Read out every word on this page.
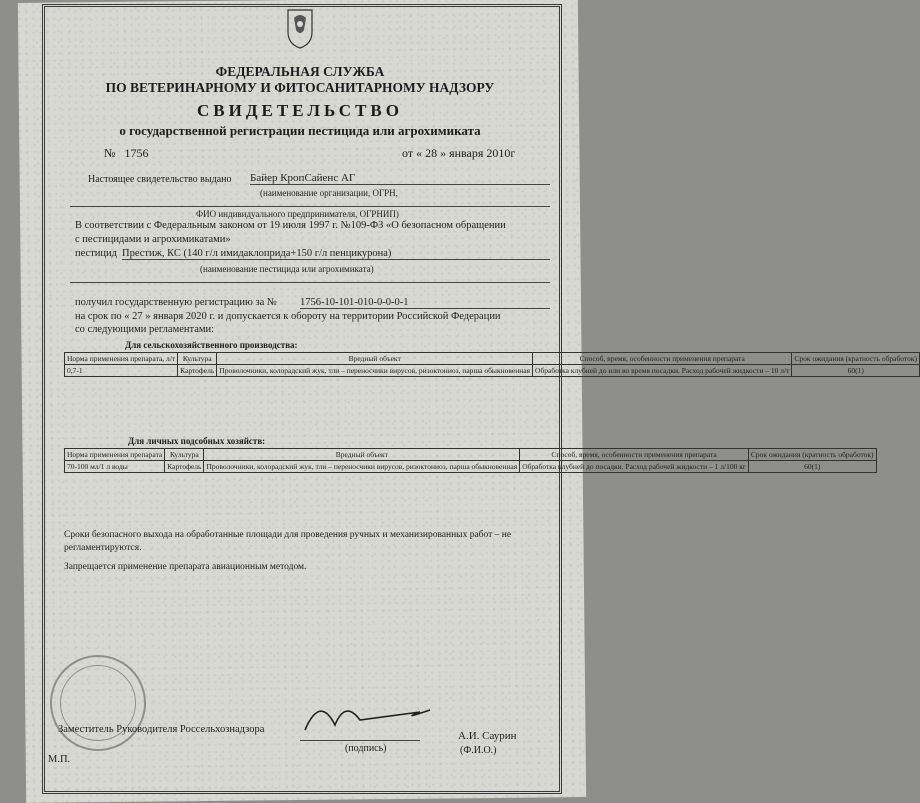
ФЕДЕРАЛЬНАЯ СЛУЖБА
ПО ВЕТЕРИНАРНОМУ И ФИТОСАНИТАРНОМУ НАДЗОРУ
СВИДЕТЕЛЬСТВО
о государственной регистрации пестицида или агрохимиката
№ 1756	от « 28 » января 2010г
Настоящее свидетельство выдано Байер КропСайенс АГ
(наименование организации, ОГРН,
ФИО индивидуального предпринимателя, ОГРНИП)
В соответствии с Федеральным законом от 19 июля 1997 г. №109-ФЗ «О безопасном обращении
с пестицидами и агрохимикатами»
пестицид Престиж, КС (140 г/л имидаклоприда+150 г/л пенцикурона)
(наименование пестицида или агрохимиката)
получил государственную регистрацию за № 1756-10-101-010-0-0-0-1
на срок по « 27 » января 2020 г. и допускается к обороту на территории Российской Федерации
со следующими регламентами:
Для сельскохозяйственного производства:
Норма применения препарата, л/т	Культура	Вредный объект	Способ, время, особенности применения препарата	Срок ожидания (кратность обработок)
0,7-1	Картофель	Проволочники, колорадский жук, тли – переносчики вирусов, ризоктониоз, парша обыкновенная	Обработка клубней до или во время посадки. Расход рабочей жидкости – 10 л/т	60(1)
Для личных подсобных хозяйств:
Норма применения препарата	Культура	Вредный объект	Способ, время, особенности применения препарата	Срок ожидания (кратность обработок)
70-100 мл/1 л воды	Картофель	Проволочники, колорадский жук, тли – переносчики вирусов, ризоктониоз, парша обыкновенная	Обработка клубней до посадки. Расход рабочей жидкости – 1 л/100 кг	60(1)
Сроки безопасного выхода на обработанные площади для проведения ручных и механизированных работ – не
регламентируются.
Запрещается применение препарата авиационным методом.
Заместитель Руководителя Россельхознадзора
А.И. Саурин
(подпись)	(Ф.И.О.)
М.П.
